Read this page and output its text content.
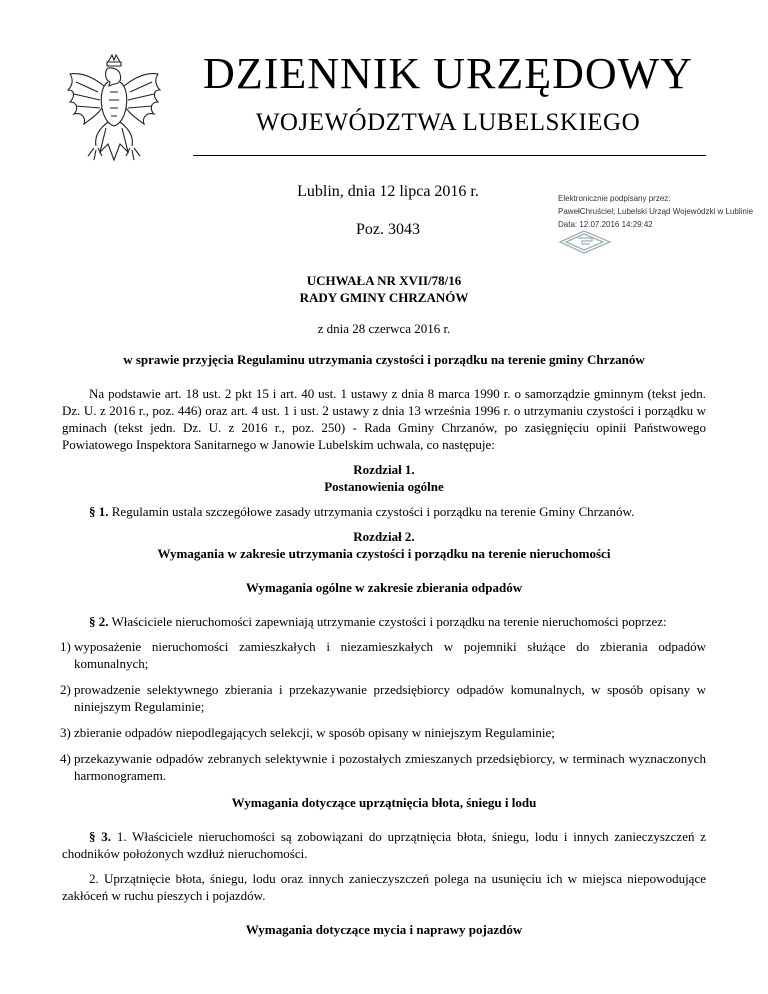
DZIENNIK URZĘDOWY
WOJEWÓDZTWA LUBELSKIEGO
Lublin, dnia 12 lipca 2016 r.
Poz. 3043
Elektronicznie podpisany przez:
PawełChruściel; Lubelski Urząd Wojewódzki w Lublinie
Data: 12.07.2016 14:29:42

UCHWAŁA NR XVII/78/16

RADY GMINY CHRZANÓW

z dnia 28 czerwca 2016 r.

w sprawie przyjęcia Regulaminu utrzymania czystości i porządku na terenie gminy Chrzanów

Na podstawie art. 18 ust. 2 pkt 15 i art. 40 ust. 1 ustawy z dnia 8 marca 1990 r. o samorządzie gminnym (tekst jedn. Dz. U. z 2016 r., poz. 446) oraz art. 4 ust. 1 i ust. 2 ustawy z dnia 13 września 1996 r. o utrzymaniu czystości i porządku w gminach (tekst jedn. Dz. U. z 2016 r., poz. 250) - Rada Gminy Chrzanów, po zasięgnięciu opinii Państwowego Powiatowego Inspektora Sanitarnego w Janowie Lubelskim uchwala, co następuje:

Rozdział 1.

Postanowienia ogólne

§ 1. Regulamin ustala szczegółowe zasady utrzymania czystości i porządku na terenie Gminy Chrzanów.

Rozdział 2.

Wymagania w zakresie utrzymania czystości i porządku na terenie nieruchomości

Wymagania ogólne w zakresie zbierania odpadów

§ 2. Właściciele nieruchomości zapewniają utrzymanie czystości i porządku na terenie nieruchomości poprzez:

1) wyposażenie nieruchomości zamieszkałych i niezamieszkałych w pojemniki służące do zbierania odpadów komunalnych;
2) prowadzenie selektywnego zbierania i przekazywanie przedsiębiorcy odpadów komunalnych, w sposób opisany w niniejszym Regulaminie;
3) zbieranie odpadów niepodlegających selekcji, w sposób opisany w niniejszym Regulaminie;
4) przekazywanie odpadów zebranych selektywnie i pozostałych zmieszanych przedsiębiorcy, w terminach wyznaczonych harmonogramem.

Wymagania dotyczące uprzątnięcia błota, śniegu i lodu

§ 3. 1. Właściciele nieruchomości są zobowiązani do uprzątnięcia błota, śniegu, lodu i innych zanieczyszczeń z chodników położonych wzdłuż nieruchomości.

2. Uprzątnięcie błota, śniegu, lodu oraz innych zanieczyszczeń polega na usunięciu ich w miejsca niepowodujące zakłóceń w ruchu pieszych i pojazdów.

Wymagania dotyczące mycia i naprawy pojazdów
